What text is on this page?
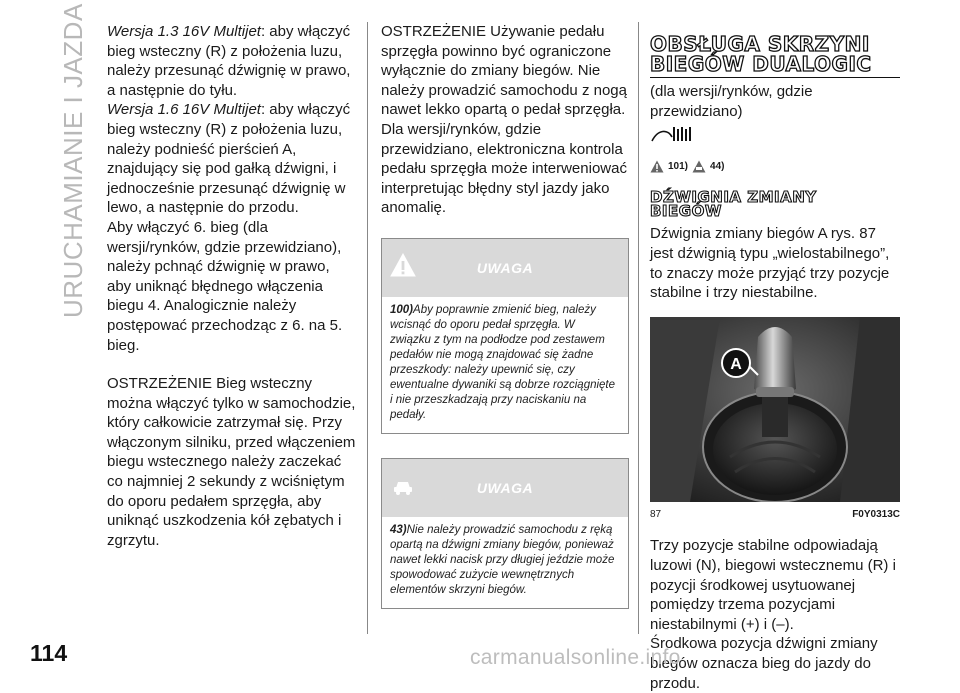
URUCHAMIANIE I JAZDA
114

Wersja 1.3 16V Multijet: aby włączyć bieg wsteczny (R) z położenia luzu, należy przesunąć dźwignię w prawo, a następnie do tyłu.

Wersja 1.6 16V Multijet: aby włączyć bieg wsteczny (R) z położenia luzu, należy podnieść pierścień A, znajdujący się pod gałką dźwigni, i jednocześnie przesunąć dźwignię w lewo, a następnie do przodu.

Aby włączyć 6. bieg (dla wersji/rynków, gdzie przewidziano), należy pchnąć dźwignię w prawo, aby uniknąć błędnego włączenia biegu 4. Analogicznie należy postępować przechodząc z 6. na 5. bieg.

OSTRZEŻENIE Bieg wsteczny można włączyć tylko w samochodzie, który całkowicie zatrzymał się. Przy włączonym silniku, przed włączeniem biegu wstecznego należy zaczekać co najmniej 2 sekundy z wciśniętym do oporu pedałem sprzęgła, aby uniknąć uszkodzenia kół zębatych i zgrzytu.

OSTRZEŻENIE Używanie pedału sprzęgła powinno być ograniczone wyłącznie do zmiany biegów. Nie należy prowadzić samochodu z nogą nawet lekko opartą o pedał sprzęgła. Dla wersji/rynków, gdzie przewidziano, elektroniczna kontrola pedału sprzęgła może interweniować interpretując błędny styl jazdy jako anomalię.

UWAGA
100)Aby poprawnie zmienić bieg, należy wcisnąć do oporu pedał sprzęgła. W związku z tym na podłodze pod zestawem pedałów nie mogą znajdować się żadne przeszkody: należy upewnić się, czy ewentualne dywaniki są dobrze rozciągnięte i nie przeszkadzają przy naciskaniu na pedały.
UWAGA
43)Nie należy prowadzić samochodu z ręką opartą na dźwigni zmiany biegów, ponieważ nawet lekki nacisk przy długiej jeździe może spowodować zużycie wewnętrznych elementów skrzyni biegów.
OBSŁUGA SKRZYNI
BIEGÓW DUALOGIC

(dla wersji/rynków, gdzie przewidziano)

101) 44)
DŹWIGNIA ZMIANY
BIEGÓW

Dźwignia zmiany biegów A rys. 87 jest dźwignią typu „wielostabilnego”, to znaczy może przyjąć trzy pozycje stabilne i trzy niestabilne.

A
87	F0Y0313C

Trzy pozycje stabilne odpowiadają luzowi (N), biegowi wstecznemu (R) i pozycji środkowej usytuowanej pomiędzy trzema pozycjami niestabilnymi (+) i (–).

Środkowa pozycja dźwigni zmiany biegów oznacza bieg do jazdy do przodu.

carmanualsonline.info
